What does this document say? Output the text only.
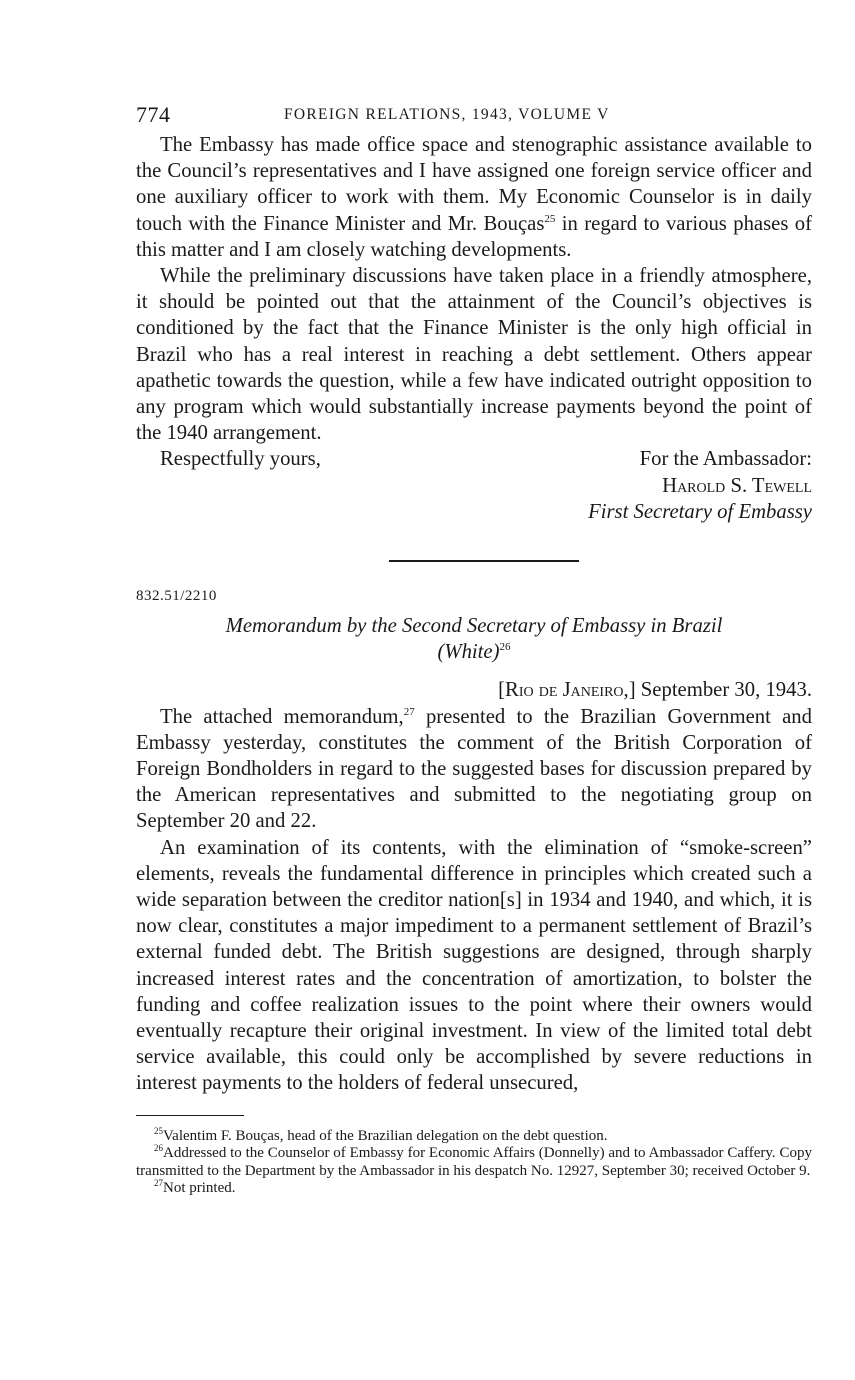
774	FOREIGN RELATIONS, 1943, VOLUME V

The Embassy has made office space and stenographic assistance available to the Council’s representatives and I have assigned one foreign service officer and one auxiliary officer to work with them. My Economic Counselor is in daily touch with the Finance Minister and Mr. Bouças$^{25}$ in regard to various phases of this matter and I am closely watching developments.

While the preliminary discussions have taken place in a friendly atmosphere, it should be pointed out that the attainment of the Council’s objectives is conditioned by the fact that the Finance Minister is the only high official in Brazil who has a real interest in reaching a debt settlement. Others appear apathetic towards the question, while a few have indicated outright opposition to any program which would substantially increase payments beyond the point of the 1940 arrangement.

Respectfully yours,	For the Ambassador:
Harold S. Tewell
First Secretary of Embassy
832.51/2210
Memorandum by the Second Secretary of Embassy in Brazil
(White)$^{26}$
[Rio de Janeiro,] September 30, 1943.

The attached memorandum,$^{27}$ presented to the Brazilian Government and Embassy yesterday, constitutes the comment of the British Corporation of Foreign Bondholders in regard to the suggested bases for discussion prepared by the American representatives and submitted to the negotiating group on September 20 and 22.

An examination of its contents, with the elimination of “smoke-screen” elements, reveals the fundamental difference in principles which created such a wide separation between the creditor nation[s] in 1934 and 1940, and which, it is now clear, constitutes a major impediment to a permanent settlement of Brazil’s external funded debt. The British suggestions are designed, through sharply increased interest rates and the concentration of amortization, to bolster the funding and coffee realization issues to the point where their owners would eventually recapture their original investment. In view of the limited total debt service available, this could only be accomplished by severe reductions in interest payments to the holders of federal unsecured,

$^{25}$Valentim F. Bouças, head of the Brazilian delegation on the debt question.

$^{26}$Addressed to the Counselor of Embassy for Economic Affairs (Donnelly) and to Ambassador Caffery. Copy transmitted to the Department by the Ambassador in his despatch No. 12927, September 30; received October 9.

$^{27}$Not printed.
